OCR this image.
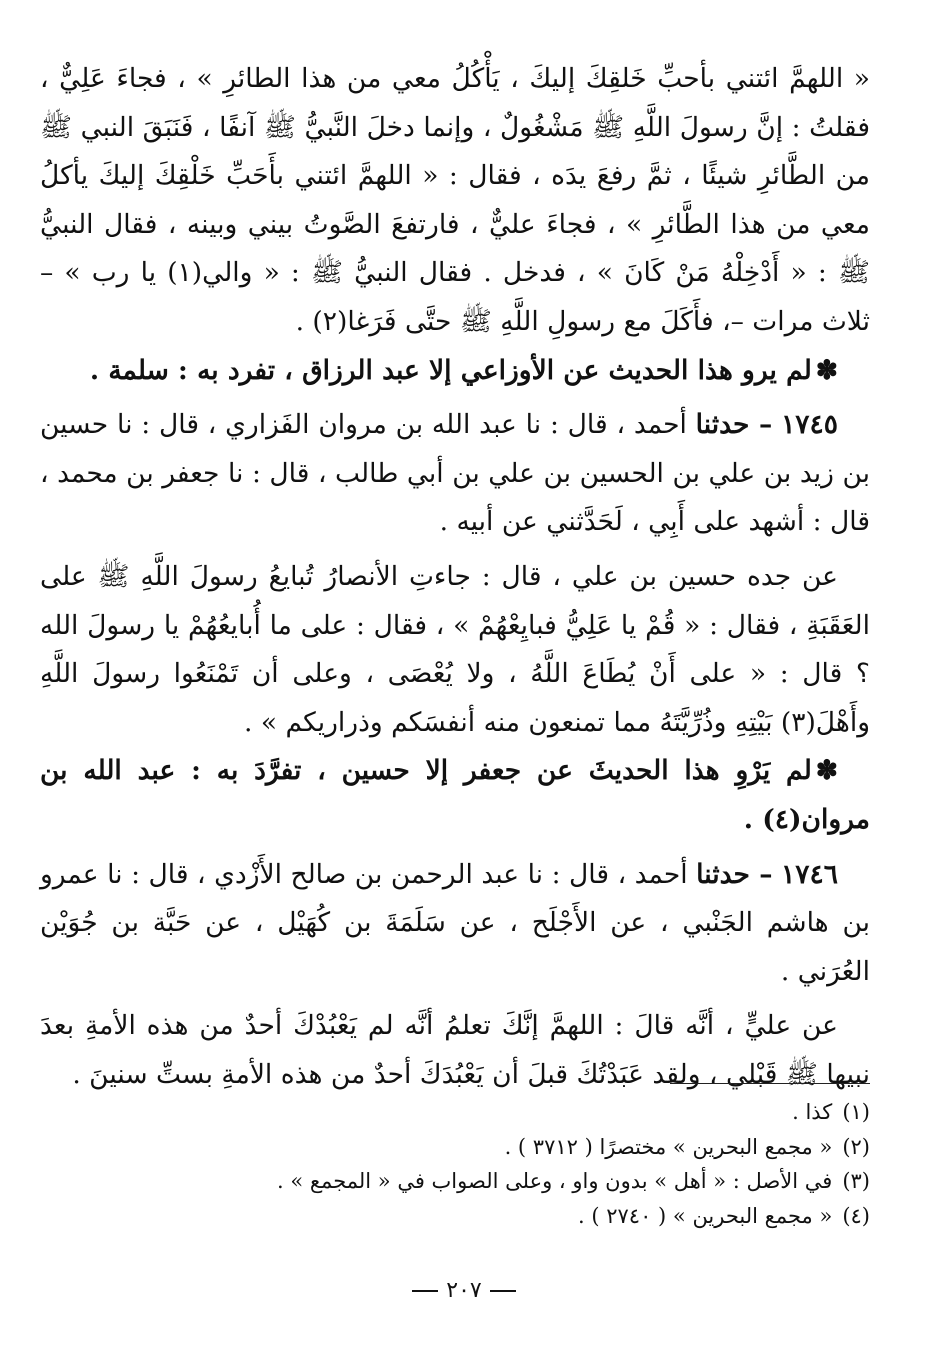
« اللهمَّ ائتني بأحبِّ خَلقِكَ إليكَ ، يَأْكُلُ معي من هذا الطائرِ » ، فجاءَ عَلِيٌّ ، فقلتُ : إنَّ رسولَ اللَّهِ ﷺ مَشْغُولٌ ، وإنما دخلَ النَّبيُّ ﷺ آنفًا ، فَنَبَقَ النبي ﷺ من الطَّائرِ شيئًا ، ثمَّ رفعَ يدَه ، فقال : « اللهمَّ ائتني بأَحَبِّ خَلْقِكَ إليكَ يأكلُ معي من هذا الطَّائرِ » ، فجاءَ عليٌّ ، فارتفعَ الصَّوتُ بيني وبينه ، فقال النبيُّ ﷺ : « أَدْخِلْهُ مَنْ كَانَ » ، فدخل . فقال النبيُّ ﷺ : « والي(١) يا رب » – ثلاث مرات –، فأَكَلَ مع رسولِ اللَّهِ ﷺ حتَّى فَرَغا(٢) .

✽لم يرو هذا الحديث عن الأوزاعي إلا عبد الرزاق ، تفرد به : سلمة .

١٧٤٥ – حدثنا أحمد ، قال : نا عبد الله بن مروان الفَزاري ، قال : نا حسين بن زيد بن علي بن الحسين بن علي بن أبي طالب ، قال : نا جعفر بن محمد ، قال : أشهد على أَبِي ، لَحَدَّثني عن أبيه .

عن جده حسين بن علي ، قال : جاءتِ الأنصارُ تُبايعُ رسولَ اللَّهِ ﷺ على العَقَبَةِ ، فقال : « قُمْ يا عَلِيُّ فبايِعْهُمْ » ، فقال : على ما أُبايعُهُمْ يا رسولَ الله ؟ قال : « على أَنْ يُطَاعَ اللَّهُ ، ولا يُعْصَى ، وعلى أن تَمْنَعُوا رسولَ اللَّهِ وأَهْلَ(٣) بَيْتِهِ وذُرِّيَّتَهُ مما تمنعون منه أنفسَكم وذراريكم » .

✽لم يَرْوِ هذا الحديثَ عن جعفر إلا حسين ، تفرَّدَ به : عبد الله بن مروان(٤) .

١٧٤٦ – حدثنا أحمد ، قال : نا عبد الرحمن بن صالح الأَزْدي ، قال : نا عمرو بن هاشم الجَنْبي ، عن الأَجْلَح ، عن سَلَمَةَ بن كُهَيْل ، عن حَبَّة بن جُوَيْن العُرَني .

عن عليٍّ ، أنَّه قالَ : اللهمَّ إنَّكَ تعلمُ أنَّه لم يَعْبُدْكَ أحدٌ من هذه الأمةِ بعدَ نبيها ﷺ قَبْلي ، ولقد عَبَدْتُكَ قبلَ أن يَعْبُدَكَ أحدٌ من هذه الأمةِ بستِّ سنينَ .

(١)كذا .
(٢)« مجمع البحرين » مختصرًا ( ٣٧١٢ ) .
(٣)في الأصل : « أهل » بدون واو ، وعلى الصواب في « المجمع » .
(٤)« مجمع البحرين » ( ٢٧٤٠ ) .
٢٠٧
